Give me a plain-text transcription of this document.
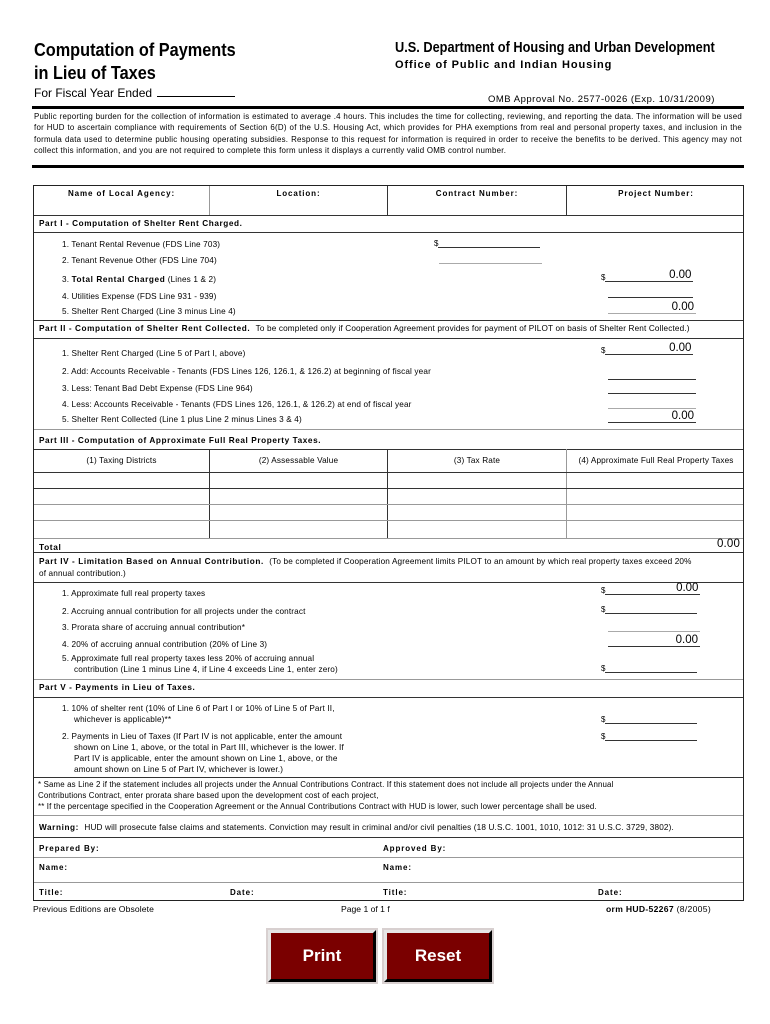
Computation of Payments
in Lieu of Taxes
For Fiscal Year Ended
U.S. Department of Housing and Urban Development
Office of Public and Indian Housing
OMB Approval No. 2577-0026 (Exp. 10/31/2009)
Public reporting burden for the collection of information is estimated to average .4 hours. This includes the time for collecting, reviewing, and reporting the data. The information will be used for HUD to ascertain compliance with requirements of Section 6(D) of the U.S. Housing Act, which provides for PHA exemptions from real and personal property taxes, and inclusion in the formula data used to determine public housing operating subsidies. Response to this request for information is required in order to receive the benefits to be derived. This agency may not collect this information, and you are not required to complete this form unless it displays a currently valid OMB control number.
Name of Local Agency:	Location:	Contract Number:	Project Number:
Part I - Computation of Shelter Rent Charged.
1. Tenant Rental Revenue (FDS Line 703)	$
2. Tenant Revenue Other (FDS Line 704)
3. Total Rental Charged (Lines 1 & 2)	$	0.00
4. Utilities Expense (FDS Line 931 - 939)
5. Shelter Rent Charged (Line 3 minus Line 4)	0.00
Part II - Computation of Shelter Rent Collected. To be completed only if Cooperation Agreement provides for payment of PILOT on basis of Shelter Rent Collected.)
1. Shelter Rent Charged (Line 5 of Part I, above)	$	0.00
2. Add: Accounts Receivable - Tenants (FDS Lines 126, 126.1, & 126.2) at beginning of fiscal year
3. Less: Tenant Bad Debt Expense (FDS Line 964)
4. Less: Accounts Receivable - Tenants (FDS Lines 126, 126.1, & 126.2) at end of fiscal year
5. Shelter Rent Collected (Line 1 plus Line 2 minus Lines 3 & 4)	0.00
Part III - Computation of Approximate Full Real Property Taxes.
(1) Taxing Districts	(2) Assessable Value	(3) Tax Rate	(4) Approximate Full Real Property Taxes
Total	0.00
Part IV - Limitation Based on Annual Contribution. (To be completed if Cooperation Agreement limits PILOT to an amount by which real property taxes exceed 20%
of annual contribution.)
1. Approximate full real property taxes	$	0.00
2. Accruing annual contribution for all projects under the contract	$
3. Prorata share of accruing annual contribution*
4. 20% of accruing annual contribution (20% of Line 3)	0.00
5. Approximate full real property taxes less 20% of accruing annual
contribution (Line 1 minus Line 4, if Line 4 exceeds Line 1, enter zero)	$
Part V - Payments in Lieu of Taxes.
1. 10% of shelter rent (10% of Line 6 of Part I or 10% of Line 5 of Part II,
whichever is applicable)**	$
2. Payments in Lieu of Taxes (If Part IV is not applicable, enter the amount
shown on Line 1, above, or the total in Part III, whichever is the lower. If
Part IV is applicable, enter the amount shown on Line 1, above, or the
amount shown on Line 5 of Part IV, whichever is lower.)
$
* Same as Line 2 if the statement includes all projects under the Annual Contributions Contract. If this statement does not include all projects under the Annual
Contributions Contract, enter prorata share based upon the development cost of each project,
** If the percentage specified in the Cooperation Agreement or the Annual Contributions Contract with HUD is lower, such lower percentage shall be used.
Warning: HUD will prosecute false claims and statements. Conviction may result in criminal and/or civil penalties (18 U.S.C. 1001, 1010, 1012: 31 U.S.C. 3729, 3802).
Prepared By:	Approved By:
Name:	Name:
Title:	Date:	Title:	Date:
Previous Editions are Obsolete	Page 1 of 1 f	orm HUD-52267 (8/2005)
Print	Reset
